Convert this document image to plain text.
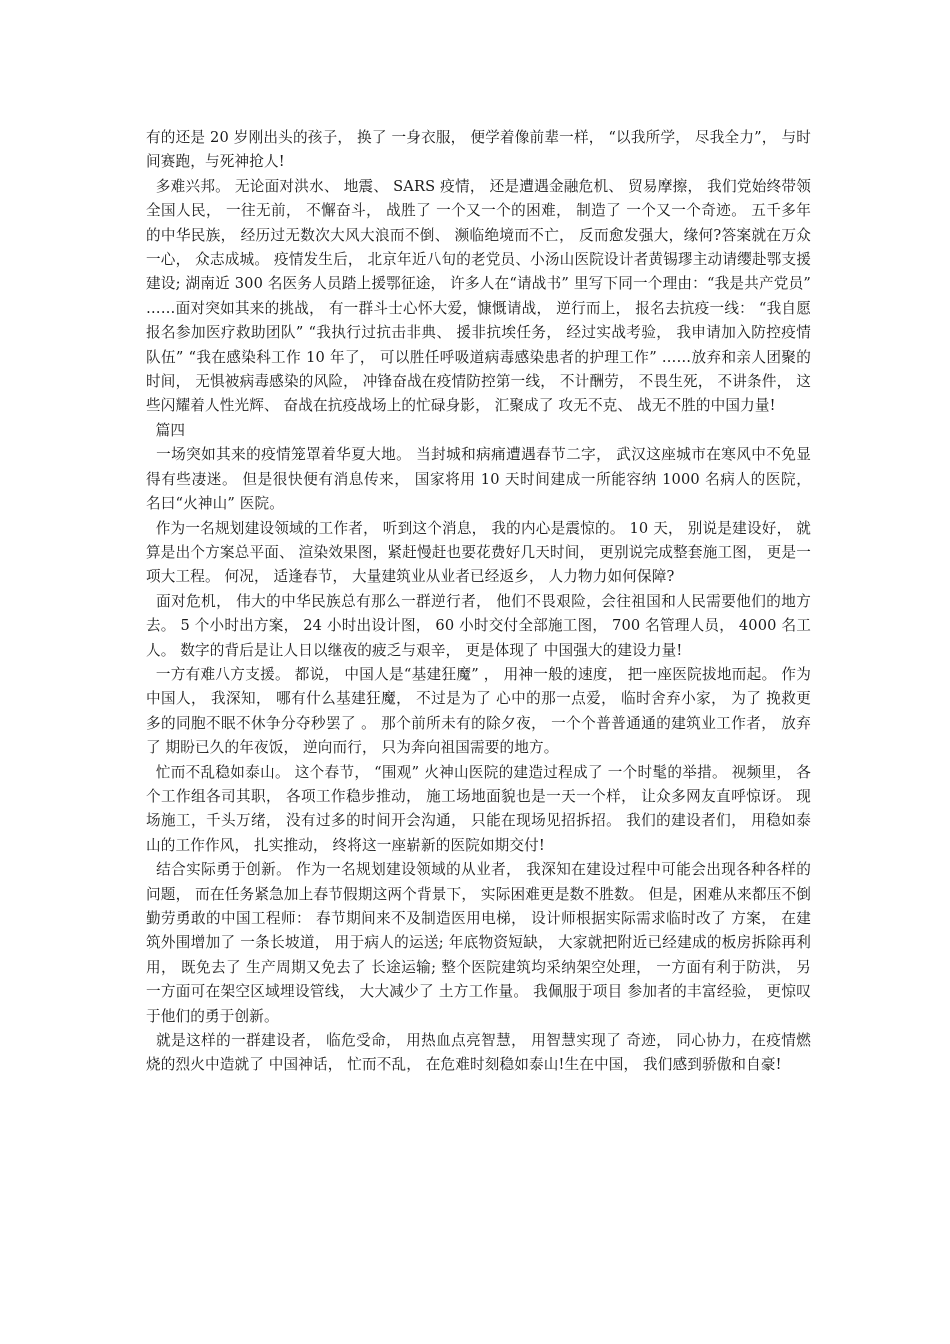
有的还是 20 岁刚出头的孩子， 换了 一身衣服， 便学着像前辈一样， “以我所学， 尽我全力”， 与时间赛跑，与死神抢人!

多难兴邦。 无论面对洪水、 地震、 SARS 疫情， 还是遭遇金融危机、 贸易摩擦， 我们党始终带领全国人民， 一往无前， 不懈奋斗， 战胜了 一个又一个的困难， 制造了 一个又一个奇迹。 五千多年的中华民族， 经历过无数次大风大浪而不倒、 濒临绝境而不亡， 反而愈发强大，缘何?答案就在万众一心， 众志成城。 疫情发生后， 北京年近八旬的老党员、小汤山医院设计者黄锡璆主动请缨赴鄂支援建设; 湖南近 300 名医务人员踏上援鄂征途， 许多人在“请战书” 里写下同一个理由：“我是共产党员” ……面对突如其来的挑战， 有一群斗士心怀大爱，慷慨请战， 逆行而上， 报名去抗疫一线： “我自愿报名参加医疗救助团队” “我执行过抗击非典、 援非抗埃任务， 经过实战考验， 我申请加入防控疫情队伍” “我在感染科工作 10 年了， 可以胜任呼吸道病毒感染患者的护理工作” ……放弃和亲人团聚的时间， 无惧被病毒感染的风险， 冲锋奋战在疫情防控第一线， 不计酬劳， 不畏生死， 不讲条件， 这些闪耀着人性光辉、 奋战在抗疫战场上的忙碌身影， 汇聚成了 攻无不克、 战无不胜的中国力量!

篇四

一场突如其来的疫情笼罩着华夏大地。 当封城和病痛遭遇春节二字， 武汉这座城市在寒风中不免显得有些凄迷。 但是很快便有消息传来， 国家将用 10 天时间建成一所能容纳 1000 名病人的医院， 名曰“火神山” 医院。

作为一名规划建设领域的工作者， 听到这个消息， 我的内心是震惊的。 10 天， 别说是建设好， 就算是出个方案总平面、 渲染效果图，紧赶慢赶也要花费好几天时间， 更别说完成整套施工图， 更是一项大工程。 何况， 适逢春节， 大量建筑业从业者已经返乡， 人力物力如何保障?

面对危机， 伟大的中华民族总有那么一群逆行者， 他们不畏艰险，会往祖国和人民需要他们的地方去。 5 个小时出方案， 24 小时出设计图， 60 小时交付全部施工图， 700 名管理人员， 4000 名工人。 数字的背后是让人日以继夜的疲乏与艰辛， 更是体现了 中国强大的建设力量!

一方有难八方支援。 都说， 中国人是“基建狂魔” ， 用神一般的速度， 把一座医院拔地而起。 作为中国人， 我深知， 哪有什么基建狂魔， 不过是为了 心中的那一点爱， 临时舍弃小家， 为了 挽救更多的同胞不眠不休争分夺秒罢了 。 那个前所未有的除夕夜， 一个个普普通通的建筑业工作者， 放弃了 期盼已久的年夜饭， 逆向而行， 只为奔向祖国需要的地方。

忙而不乱稳如泰山。 这个春节， “围观” 火神山医院的建造过程成了 一个时髦的举措。 视频里， 各个工作组各司其职， 各项工作稳步推动， 施工场地面貌也是一天一个样， 让众多网友直呼惊讶。 现场施工，千头万绪， 没有过多的时间开会沟通， 只能在现场见招拆招。 我们的建设者们， 用稳如泰山的工作作风， 扎实推动， 终将这一座崭新的医院如期交付!

结合实际勇于创新。 作为一名规划建设领域的从业者， 我深知在建设过程中可能会出现各种各样的问题， 而在任务紧急加上春节假期这两个背景下， 实际困难更是数不胜数。 但是，困难从来都压不倒勤劳勇敢的中国工程师： 春节期间来不及制造医用电梯， 设计师根据实际需求临时改了 方案， 在建筑外围增加了 一条长坡道， 用于病人的运送; 年底物资短缺， 大家就把附近已经建成的板房拆除再利用， 既免去了 生产周期又免去了 长途运输; 整个医院建筑均采纳架空处理， 一方面有利于防洪， 另一方面可在架空区域埋设管线， 大大减少了 土方工作量。 我佩服于项目 参加者的丰富经验， 更惊叹于他们的勇于创新。

就是这样的一群建设者， 临危受命， 用热血点亮智慧， 用智慧实现了 奇迹， 同心协力，在疫情燃烧的烈火中造就了 中国神话， 忙而不乱， 在危难时刻稳如泰山!生在中国， 我们感到骄傲和自豪!
